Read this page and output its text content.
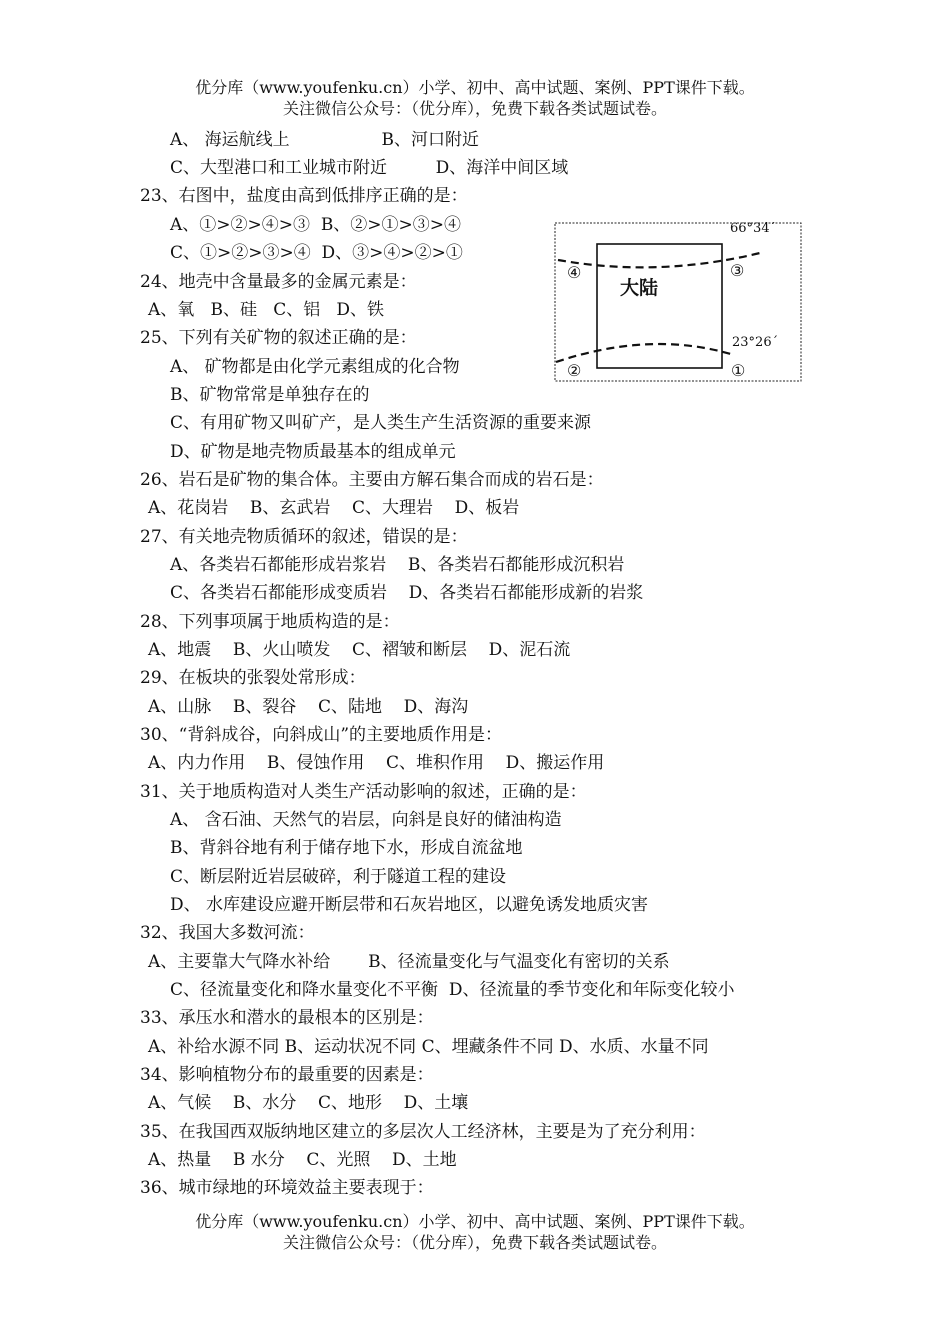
优分库（www.youfenku.cn）小学、初中、高中试题、案例、PPT课件下载。
关注微信公众号：（优分库），免费下载各类试题试卷。
A、 海运航线上                 B、河口附近
C、大型港口和工业城市附近         D、海洋中间区域
23、右图中，盐度由高到低排序正确的是：
A、①>②>④>③  B、②>①>③>④
C、①>②>③>④  D、③>④>②>①
24、地壳中含量最多的金属元素是：
A、氧   B、硅   C、铝   D、铁
25、下列有关矿物的叙述正确的是：
A、 矿物都是由化学元素组成的化合物
B、矿物常常是单独存在的
C、有用矿物又叫矿产，是人类生产生活资源的重要来源
D、矿物是地壳物质最基本的组成单元
26、岩石是矿物的集合体。主要由方解石集合而成的岩石是：
A、花岗岩    B、玄武岩    C、大理岩    D、板岩
27、有关地壳物质循环的叙述，错误的是：
A、各类岩石都能形成岩浆岩    B、各类岩石都能形成沉积岩
C、各类岩石都能形成变质岩    D、各类岩石都能形成新的岩浆
28、下列事项属于地质构造的是：
A、地震    B、火山喷发    C、褶皱和断层    D、泥石流
29、在板块的张裂处常形成：
A、山脉    B、裂谷    C、陆地    D、海沟
30、“背斜成谷，向斜成山”的主要地质作用是：
A、内力作用    B、侵蚀作用    C、堆积作用    D、搬运作用
31、关于地质构造对人类生产活动影响的叙述，正确的是：
A、 含石油、天然气的岩层，向斜是良好的储油构造
B、背斜谷地有利于储存地下水，形成自流盆地
C、断层附近岩层破碎，利于隧道工程的建设
D、 水库建设应避开断层带和石灰岩地区，以避免诱发地质灾害
32、我国大多数河流：
A、主要靠大气降水补给       B、径流量变化与气温变化有密切的关系
C、径流量变化和降水量变化不平衡  D、径流量的季节变化和年际变化较小
33、承压水和潜水的最根本的区别是：
A、补给水源不同 B、运动状况不同 C、埋藏条件不同 D、水质、水量不同
34、影响植物分布的最重要的因素是：
A、气候    B、水分    C、地形    D、土壤
35、在我国西双版纳地区建立的多层次人工经济林，主要是为了充分利用：
A、热量    B 水分    C、光照    D、土地
36、城市绿地的环境效益主要表现于：
66°34´
23°26´
大陆
④	③
②	①
优分库（www.youfenku.cn）小学、初中、高中试题、案例、PPT课件下载。
关注微信公众号：（优分库），免费下载各类试题试卷。
